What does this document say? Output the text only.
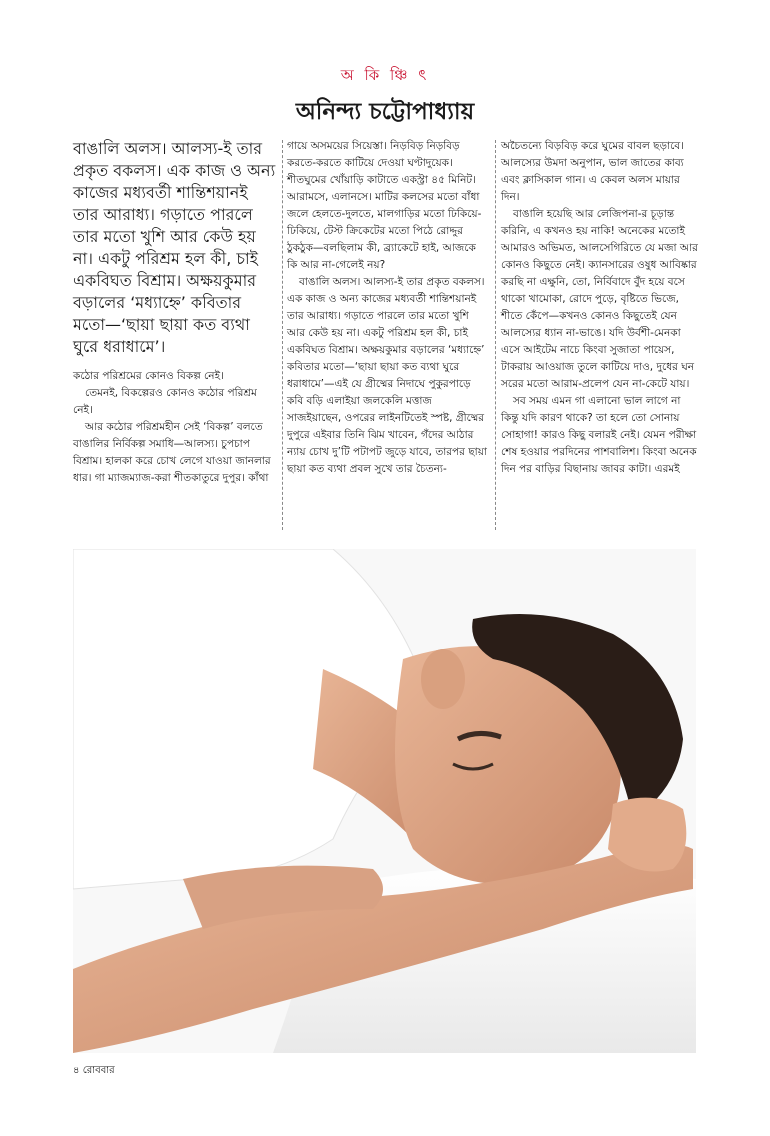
অ কি ঞ্চি ৎ
অনিন্দ্য চট্টোপাধ্যায়

বাঙালি অলস। আলস্য-ই তার প্রকৃত বকলস। এক কাজ ও অন্য কাজের মধ্যবর্তী শান্তিশয়ানই তার আরাধ্য। গড়াতে পারলে তার মতো খুশি আর কেউ হয় না। একটু পরিশ্রম হল কী, চাই একবিঘত বিশ্রাম। অক্ষয়কুমার বড়ালের ‘মধ্যাহ্নে’ কবিতার মতো—‘ছায়া ছায়া কত ব্যথা ঘুরে ধরাধামে’।

কঠোর পরিশ্রমের কোনও বিকল্প নেই।

তেমনই, বিকল্পেরও কোনও কঠোর পরিশ্রম নেই।

আর কঠোর পরিশ্রমহীন সেই ‘বিকল্প’ বলতে বাঙালির নির্বিকল্প সমাধি—আলস্য। চুপচাপ বিশ্রাম। হালকা করে চোখ লেগে যাওয়া জানলার ধার। গা ম্যাজম্যাজ-করা শীতকাতুরে দুপুর। কাঁথা

গায়ে অসময়ের সিয়েস্তা। নিড়বিড় নিড়বিড় করতে-করতে কাটিয়ে দেওয়া ঘণ্টাদুয়েক। শীতঘুমের খোঁয়াড়ি কাটাতে একস্ট্রা ৪৫ মিনিট। আরামসে, এলানসে। মাটির কলসের মতো বাঁধা জলে হেলতে-দুলতে, মালগাড়ির মতো ঢিকিয়ে-ঢিকিয়ে, টেস্ট ক্রিকেটের মতো পিঠে রোদ্দুর ঠুকঠুক—বলছিলাম কী, ব্র্যাকেটে হাই, আজকে কি আর না-গেলেই নয়?

বাঙালি অলস। আলস্য-ই তার প্রকৃত বকলস। এক কাজ ও অন্য কাজের মধ্যবর্তী শান্তিশয়ানই তার আরাধ্য। গড়াতে পারলে তার মতো খুশি আর কেউ হয় না। একটু পরিশ্রম হল কী, চাই একবিঘত বিশ্রাম। অক্ষয়কুমার বড়ালের ‘মধ্যাহ্নে’ কবিতার মতো—‘ছায়া ছায়া কত ব্যথা ঘুরে ধরাধামে’—এই যে গ্রীষ্মের নিদাঘে পুকুরপাড়ে কবি বড়ি এলাইয়া জলকেলি মত্তাজ সাজইয়াছেন, ওপরের লাইনটিতেই স্পষ্ট, গ্রীষ্মের দুপুরে এইবার তিনি ঝিম খাবেন, গঁদের আঠার ন্যায় চোখ দু’টি পটাপট জুড়ে যাবে, তারপর ছায়া ছায়া কত ব্যথা প্রবল সুখে তার চৈতন্য-

অচৈতন্যে বিড়বিড় করে ঘুমের বাবল ছড়াবে। আলস্যের উমদা অনুপান, ভাল জাতের কাব্য এবং ক্লাসিকাল গান। এ কেবল অলস মায়ার দিন।

বাঙালি হয়েছি আর লেজিপনা-র চূড়ান্ত করিনি, এ কখনও হয় নাকি! অনেকের মতোই আমারও অভিমত, আলসেগিরিতে যে মজা আর কোনও কিছুতে নেই। ক্যানসারের ওষুধ আবিষ্কার করছি না এক্ষুনি, তো, নির্বিবাদে বুঁদ হয়ে বসে থাকো খামোকা, রোদে পুড়ে, বৃষ্টিতে ভিজে, শীতে কেঁপে—কখনও কোনও কিছুতেই যেন আলস্যের ধ্যান না-ভাঙে। যদি উর্বশী-মেনকা এসে আইটেম নাচে কিংবা সুজাতা পায়েস, টাকরায় আওয়াজ তুলে কাটিয়ে দাও, দুধের ঘন সরের মতো আরাম-প্রলেপ যেন না-কেটে যায়।

সব সময় এমন গা এলানো ভাল লাগে না কিন্তু যদি কারণ থাকে? তা হলে তো সোনায় সোহাগা! কারও কিছু বলারই নেই। যেমন পরীক্ষা শেষ হওয়ার পরদিনের পাশবালিশ। কিংবা অনেক দিন পর বাড়ির বিছানায় জাবর কাটা। এরমই

৪ রোববার
